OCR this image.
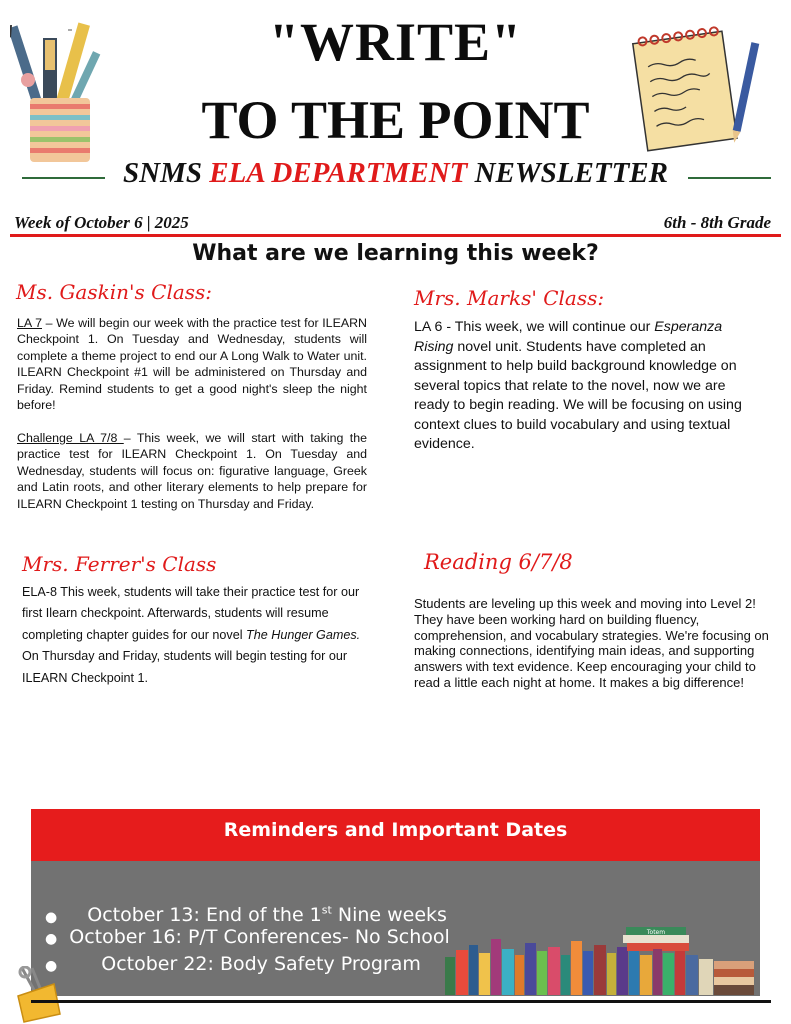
"WRITE"
TO THE POINT
SNMS ELA DEPARTMENT NEWSLETTER
Week of October 6 | 2025	6th - 8th Grade
What are we learning this week?
Ms. Gaskin's Class:
LA 7 – We will begin our week with the practice test for ILEARN Checkpoint 1. On Tuesday and Wednesday, students will complete a theme project to end our A Long Walk to Water unit. ILEARN Checkpoint #1 will be administered on Thursday and Friday. Remind students to get a good night's sleep the night before!
Challenge LA 7/8 – This week, we will start with taking the practice test for ILEARN Checkpoint 1. On Tuesday and Wednesday, students will focus on: figurative language, Greek and Latin roots, and other literary elements to help prepare for ILEARN Checkpoint 1 testing on Thursday and Friday.
Mrs. Marks' Class:
LA 6 - This week, we will continue our Esperanza Rising novel unit. Students have completed an assignment to help build background knowledge on several topics that relate to the novel, now we are ready to begin reading. We will be focusing on using context clues to build vocabulary and using textual evidence.
Mrs. Ferrer's Class
ELA-8 This week, students will take their practice test for our first Ilearn checkpoint. Afterwards, students will resume completing chapter guides for our novel The Hunger Games. On Thursday and Friday, students will begin testing for our ILEARN Checkpoint 1.
Reading 6/7/8
Students are leveling up this week and moving into Level 2! They have been working hard on building fluency, comprehension, and vocabulary strategies. We're focusing on making connections, identifying main ideas, and supporting answers with text evidence. Keep encouraging your child to read a little each night at home. It makes a big difference!
Reminders and Important Dates
● October 13: End of the 1st Nine weeks
● October 16: P/T Conferences- No School
● October 22: Body Safety Program
Totem
